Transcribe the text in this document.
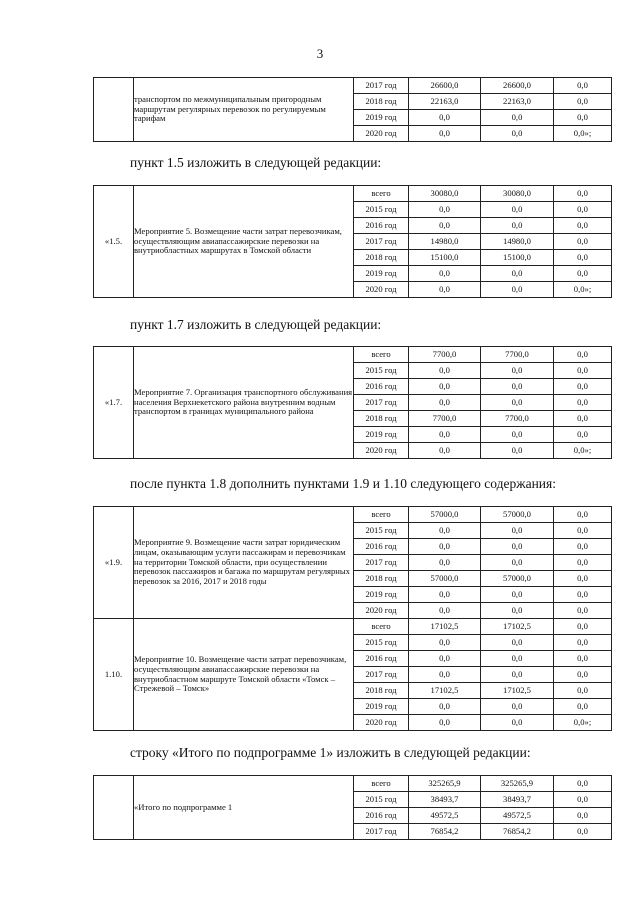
3
	транспортом по межмуниципальным пригородным маршрутам регулярных перевозок по регулируемым тарифам	2017 год	26600,0	26600,0	0,0
		2018 год	22163,0	22163,0	0,0
		2019 год	0,0	0,0	0,0
		2020 год	0,0	0,0	0,0»;
пункт 1.5 изложить в следующей редакции:
«1.5.	Мероприятие 5. Возмещение части затрат перевозчикам, осуществляющим авиапассажирские перевозки на внутриобластных маршрутах в Томской области	всего	30080,0	30080,0	0,0
		2015 год	0,0	0,0	0,0
		2016 год	0,0	0,0	0,0
		2017 год	14980,0	14980,0	0,0
		2018 год	15100,0	15100,0	0,0
		2019 год	0,0	0,0	0,0
		2020 год	0,0	0,0	0,0»;
пункт 1.7 изложить в следующей редакции:
«1.7.	Мероприятие 7. Организация транспортного обслуживания населения Верхнекетского района внутренним водным транспортом в границах муниципального района	всего	7700,0	7700,0	0,0
		2015 год	0,0	0,0	0,0
		2016 год	0,0	0,0	0,0
		2017 год	0,0	0,0	0,0
		2018 год	7700,0	7700,0	0,0
		2019 год	0,0	0,0	0,0
		2020 год	0,0	0,0	0,0»;
после пункта 1.8 дополнить пунктами 1.9 и 1.10 следующего содержания:
«1.9.	Мероприятие 9. Возмещение части затрат юридическим лицам, оказывающим услуги пассажирам и перевозчикам на территории Томской области, при осуществлении перевозок пассажиров и багажа по маршрутам регулярных перевозок за 2016, 2017 и 2018 годы	всего	57000,0	57000,0	0,0
		2015 год	0,0	0,0	0,0
		2016 год	0,0	0,0	0,0
		2017 год	0,0	0,0	0,0
		2018 год	57000,0	57000,0	0,0
		2019 год	0,0	0,0	0,0
		2020 год	0,0	0,0	0,0
1.10.	Мероприятие 10. Возмещение части затрат перевозчикам, осуществляющим авиапассажирские перевозки на внутриобластном маршруте Томской области «Томск – Стрежевой – Томск»	всего	17102,5	17102,5	0,0
		2015 год	0,0	0,0	0,0
		2016 год	0,0	0,0	0,0
		2017 год	0,0	0,0	0,0
		2018 год	17102,5	17102,5	0,0
		2019 год	0,0	0,0	0,0
		2020 год	0,0	0,0	0,0»;
строку «Итого по подпрограмме 1» изложить в следующей редакции:
	«Итого по подпрограмме 1	всего	325265,9	325265,9	0,0
		2015 год	38493,7	38493,7	0,0
		2016 год	49572,5	49572,5	0,0
		2017 год	76854,2	76854,2	0,0
